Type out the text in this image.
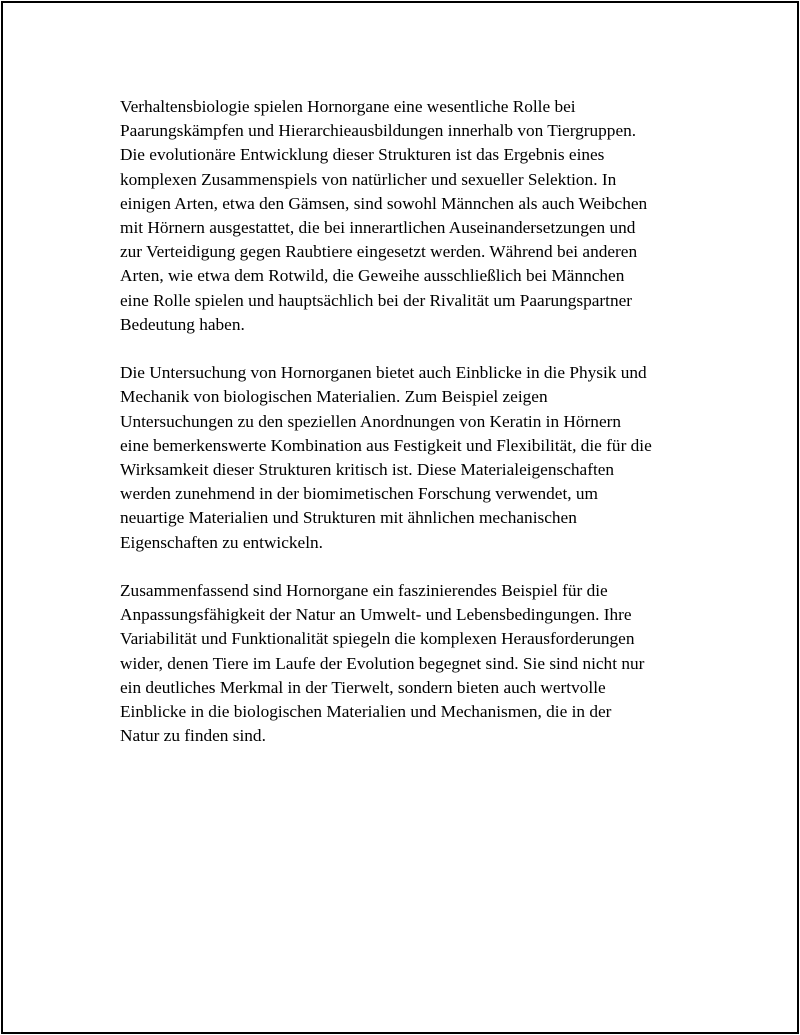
Verhaltensbiologie spielen Hornorgane eine wesentliche Rolle bei
Paarungskämpfen und Hierarchieausbildungen innerhalb von Tiergruppen.
Die evolutionäre Entwicklung dieser Strukturen ist das Ergebnis eines
komplexen Zusammenspiels von natürlicher und sexueller Selektion. In
einigen Arten, etwa den Gämsen, sind sowohl Männchen als auch Weibchen
mit Hörnern ausgestattet, die bei innerartlichen Auseinandersetzungen und
zur Verteidigung gegen Raubtiere eingesetzt werden. Während bei anderen
Arten, wie etwa dem Rotwild, die Geweihe ausschließlich bei Männchen
eine Rolle spielen und hauptsächlich bei der Rivalität um Paarungspartner
Bedeutung haben.

Die Untersuchung von Hornorganen bietet auch Einblicke in die Physik und
Mechanik von biologischen Materialien. Zum Beispiel zeigen
Untersuchungen zu den speziellen Anordnungen von Keratin in Hörnern
eine bemerkenswerte Kombination aus Festigkeit und Flexibilität, die für die
Wirksamkeit dieser Strukturen kritisch ist. Diese Materialeigenschaften
werden zunehmend in der biomimetischen Forschung verwendet, um
neuartige Materialien und Strukturen mit ähnlichen mechanischen
Eigenschaften zu entwickeln.

Zusammenfassend sind Hornorgane ein faszinierendes Beispiel für die
Anpassungsfähigkeit der Natur an Umwelt- und Lebensbedingungen. Ihre
Variabilität und Funktionalität spiegeln die komplexen Herausforderungen
wider, denen Tiere im Laufe der Evolution begegnet sind. Sie sind nicht nur
ein deutliches Merkmal in der Tierwelt, sondern bieten auch wertvolle
Einblicke in die biologischen Materialien und Mechanismen, die in der
Natur zu finden sind.
